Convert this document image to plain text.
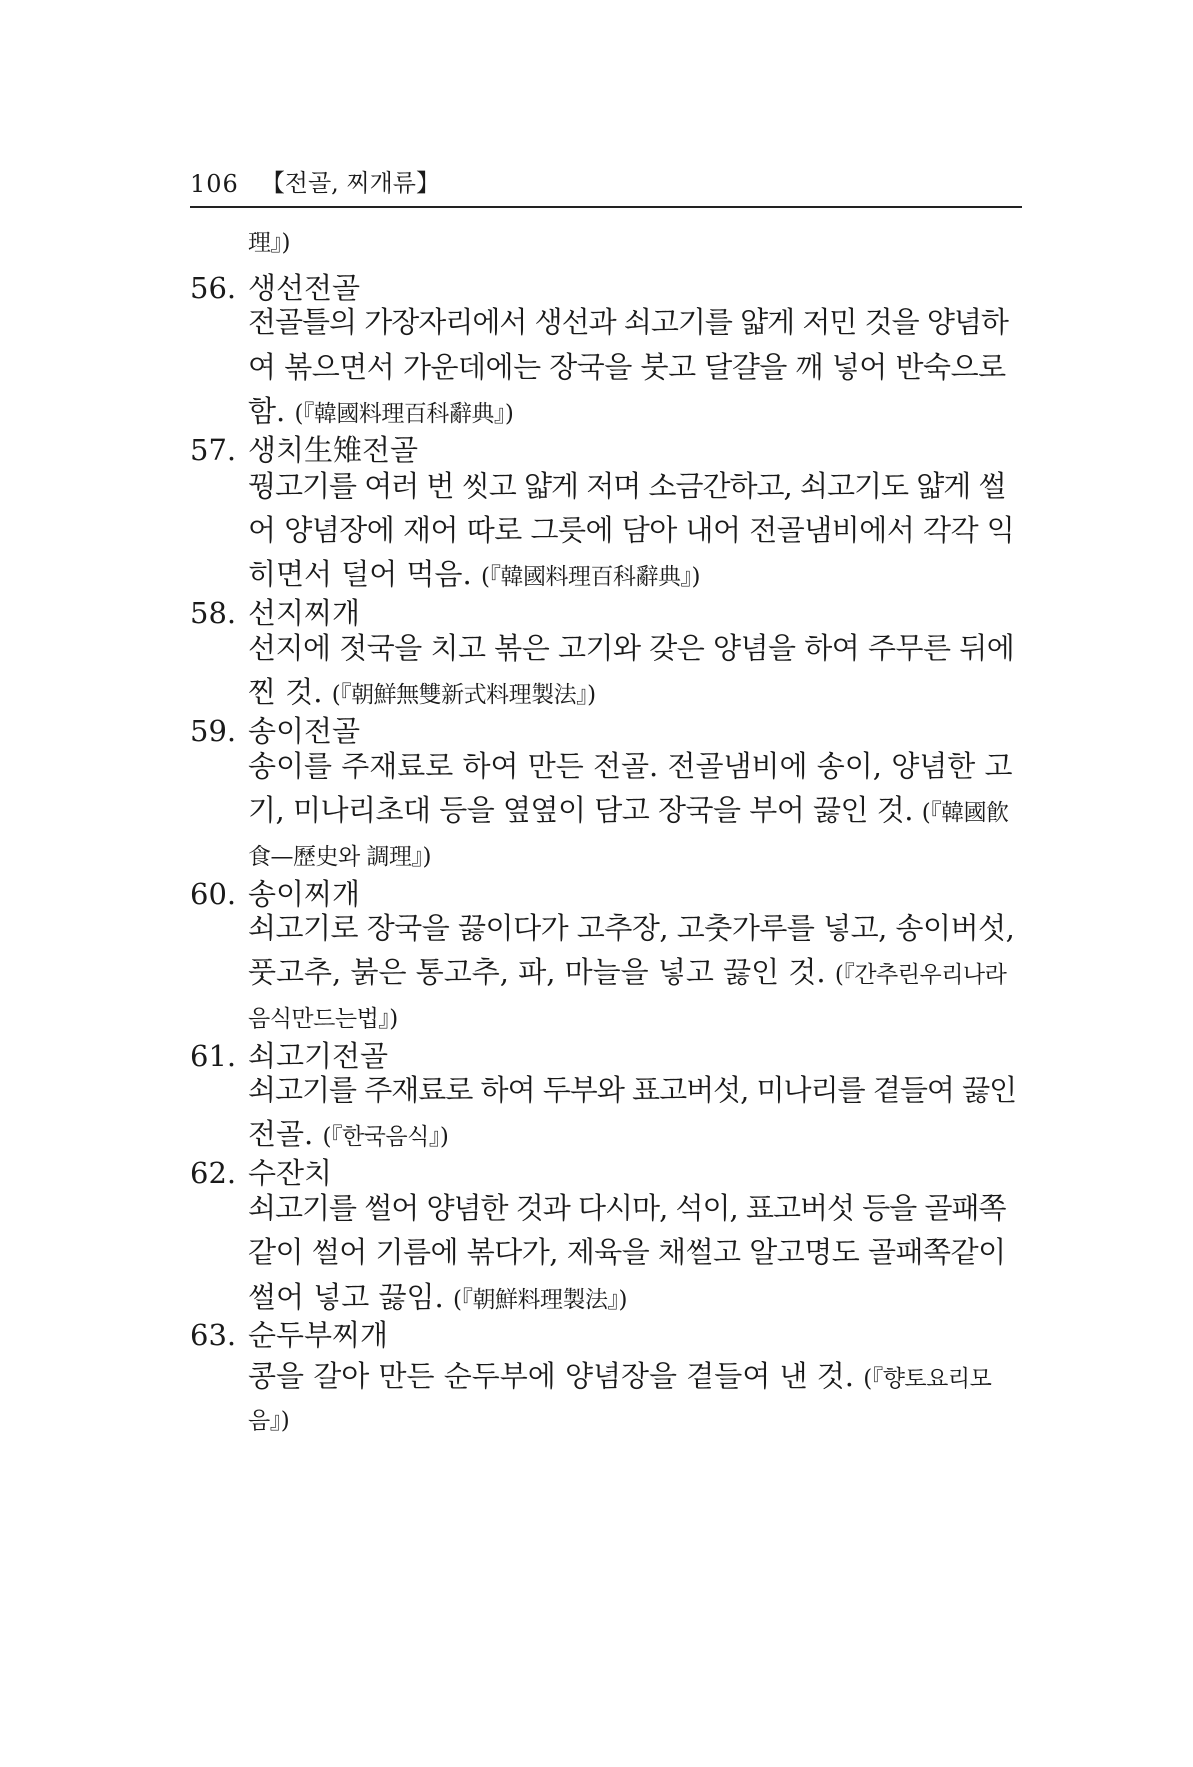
106 【전골, 찌개류】
理』)
56. 생선전골
전골틀의 가장자리에서 생선과 쇠고기를 얇게 저민 것을 양념하
여 볶으면서 가운데에는 장국을 붓고 달걀을 깨 넣어 반숙으로
함. (『韓國料理百科辭典』)
57. 생치生雉전골
꿩고기를 여러 번 씻고 얇게 저며 소금간하고, 쇠고기도 얇게 썰
어 양념장에 재어 따로 그릇에 담아 내어 전골냄비에서 각각 익
히면서 덜어 먹음. (『韓國料理百科辭典』)
58. 선지찌개
선지에 젓국을 치고 볶은 고기와 갖은 양념을 하여 주무른 뒤에
찐 것. (『朝鮮無雙新式料理製法』)
59. 송이전골
송이를 주재료로 하여 만든 전골. 전골냄비에 송이, 양념한 고
기, 미나리초대 등을 옆옆이 담고 장국을 부어 끓인 것. (『韓國飮
食—歷史와 調理』)
60. 송이찌개
쇠고기로 장국을 끓이다가 고추장, 고춧가루를 넣고, 송이버섯,
풋고추, 붉은 통고추, 파, 마늘을 넣고 끓인 것. (『간추린우리나라
음식만드는법』)
61. 쇠고기전골
쇠고기를 주재료로 하여 두부와 표고버섯, 미나리를 곁들여 끓인
전골. (『한국음식』)
62. 수잔치
쇠고기를 썰어 양념한 것과 다시마, 석이, 표고버섯 등을 골패쪽
같이 썰어 기름에 볶다가, 제육을 채썰고 알고명도 골패쪽같이
썰어 넣고 끓임. (『朝鮮料理製法』)
63. 순두부찌개
콩을 갈아 만든 순두부에 양념장을 곁들여 낸 것. (『향토요리모
음』)
